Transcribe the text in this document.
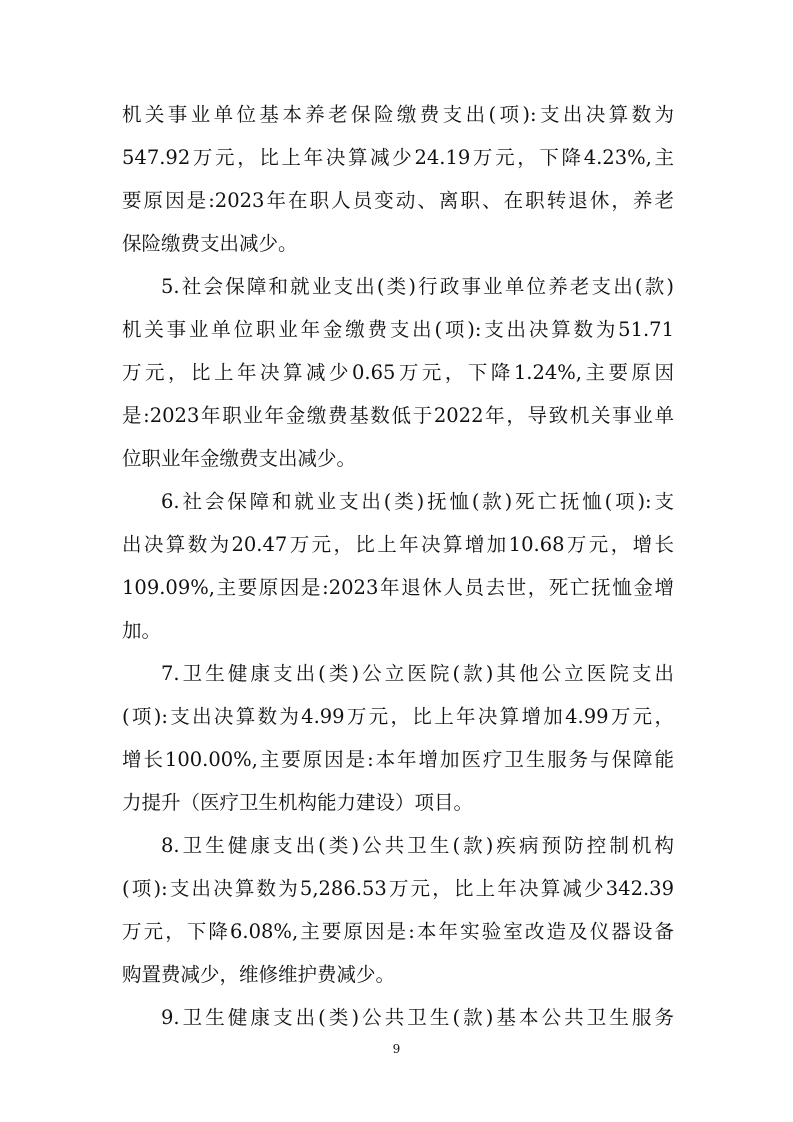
机关事业单位基本养老保险缴费支出(项):支出决算数为
547.92万元，比上年决算减少24.19万元，下降4.23%,主
要原因是:2023年在职人员变动、离职、在职转退休，养老
保险缴费支出减少。
5.社会保障和就业支出(类)行政事业单位养老支出(款)
机关事业单位职业年金缴费支出(项):支出决算数为51.71
万元，比上年决算减少0.65万元，下降1.24%,主要原因
是:2023年职业年金缴费基数低于2022年，导致机关事业单
位职业年金缴费支出减少。
6.社会保障和就业支出(类)抚恤(款)死亡抚恤(项):支
出决算数为20.47万元，比上年决算增加10.68万元，增长
109.09%,主要原因是:2023年退休人员去世，死亡抚恤金增
加。
7.卫生健康支出(类)公立医院(款)其他公立医院支出
(项):支出决算数为4.99万元，比上年决算增加4.99万元，
增长100.00%,主要原因是:本年增加医疗卫生服务与保障能
力提升（医疗卫生机构能力建设）项目。
8.卫生健康支出(类)公共卫生(款)疾病预防控制机构
(项):支出决算数为5,286.53万元，比上年决算减少342.39
万元，下降6.08%,主要原因是:本年实验室改造及仪器设备
购置费减少，维修维护费减少。
9.卫生健康支出(类)公共卫生(款)基本公共卫生服务
9
